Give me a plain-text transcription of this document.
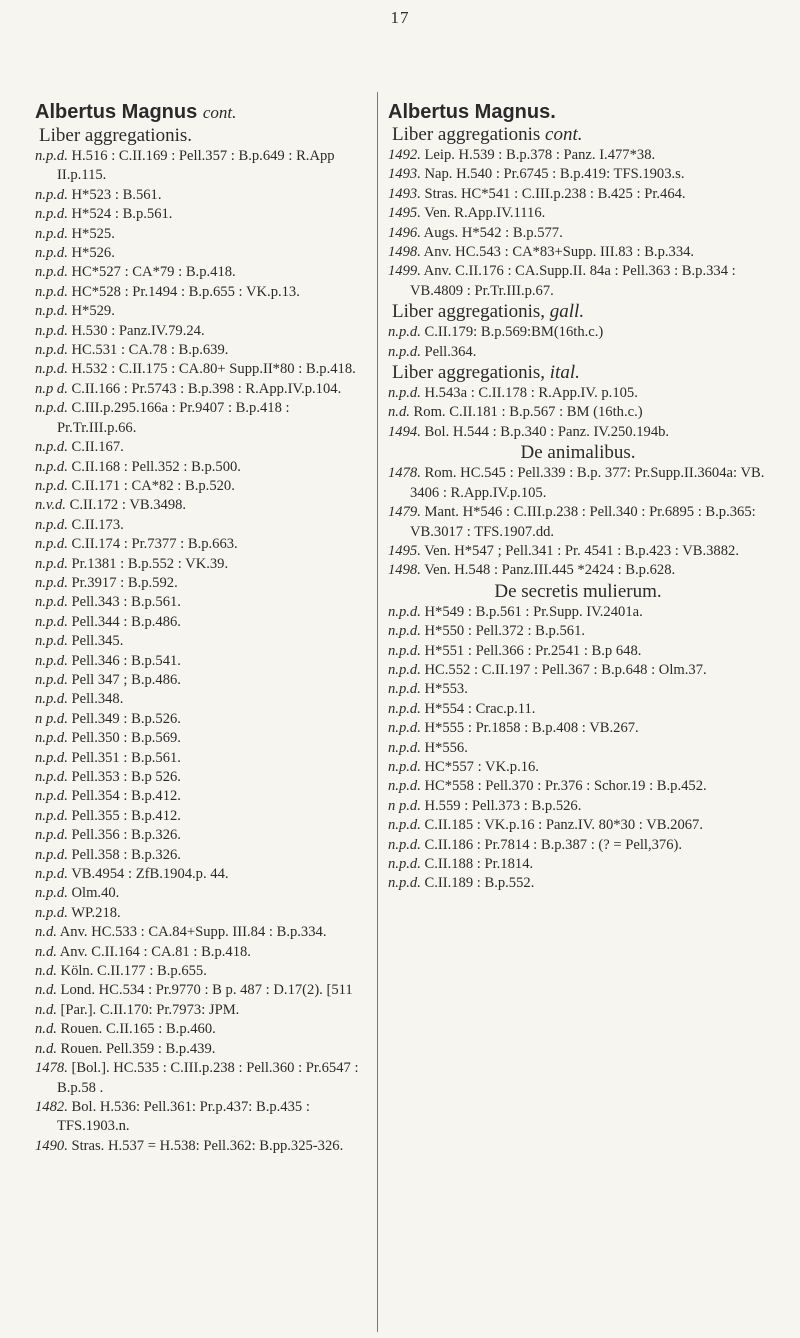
17
Albertus Magnus cont.
Liber aggregationis.
n.p.d. H.516 : C.II.169 : Pell.357 : B.p.649 : R.App II.p.115.
n.p.d. H*523 : B.561.
n.p.d. H*524 : B.p.561.
n.p.d. H*525.
n.p.d. H*526.
n.p.d. HC*527 : CA*79 : B.p.418.
n.p.d. HC*528 : Pr.1494 : B.p.655 : VK.p.13.
n.p.d. H*529.
n.p.d. H.530 : Panz.IV.79.24.
n.p.d. HC.531 : CA.78 : B.p.639.
n.p.d. H.532 : C.II.175 : CA.80+ Supp.II*80 : B.p.418.
n.p d. C.II.166 : Pr.5743 : B.p.398 : R.App.IV.p.104.
n.p.d. C.III.p.295.166a : Pr.9407 : B.p.418 : Pr.Tr.III.p.66.
n.p.d. C.II.167.
n.p.d. C.II.168 : Pell.352 : B.p.500.
n.p.d. C.II.171 : CA*82 : B.p.520.
n.v.d. C.II.172 : VB.3498.
n.p.d. C.II.173.
n.p.d. C.II.174 : Pr.7377 : B.p.663.
n.p.d. Pr.1381 : B.p.552 : VK.39.
n.p.d. Pr.3917 : B.p.592.
n.p.d. Pell.343 : B.p.561.
n.p.d. Pell.344 : B.p.486.
n.p.d. Pell.345.
n.p.d. Pell.346 : B.p.541.
n.p.d. Pell 347 ; B.p.486.
n.p.d. Pell.348.
n p.d. Pell.349 : B.p.526.
n.p.d. Pell.350 : B.p.569.
n.p.d. Pell.351 : B.p.561.
n.p.d. Pell.353 : B.p 526.
n.p.d. Pell.354 : B.p.412.
n.p.d. Pell.355 : B.p.412.
n.p.d. Pell.356 : B.p.326.
n.p.d. Pell.358 : B.p.326.
n.p.d. VB.4954 : ZfB.1904.p. 44.
n.p.d. Olm.40.
n.p.d. WP.218.
n.d. Anv. HC.533 : CA.84+Supp. III.84 : B.p.334.
n.d. Anv. C.II.164 : CA.81 : B.p.418.
n.d. Köln. C.II.177 : B.p.655.
n.d. Lond. HC.534 : Pr.9770 : B p. 487 : D.17(2). [511
n.d. [Par.]. C.II.170: Pr.7973: JPM.
n.d. Rouen. C.II.165 : B.p.460.
n.d. Rouen. Pell.359 : B.p.439.
1478. [Bol.]. HC.535 : C.III.p.238 : Pell.360 : Pr.6547 : B.p.58 .
1482. Bol. H.536: Pell.361: Pr.p.437: B.p.435 : TFS.1903.n.
1490. Stras. H.537 = H.538: Pell.362: B.pp.325-326.
Albertus Magnus.
Liber aggregationis cont.
1492. Leip. H.539 : B.p.378 : Panz. I.477*38.
1493. Nap. H.540 : Pr.6745 : B.p.419: TFS.1903.s.
1493. Stras. HC*541 : C.III.p.238 : B.425 : Pr.464.
1495. Ven. R.App.IV.1116.
1496. Augs. H*542 : B.p.577.
1498. Anv. HC.543 : CA*83+Supp. III.83 : B.p.334.
1499. Anv. C.II.176 : CA.Supp.II. 84a : Pell.363 : B.p.334 : VB.4809 : Pr.Tr.III.p.67.
Liber aggregationis, gall.
n.p.d. C.II.179: B.p.569:BM(16th.c.)
n.p.d. Pell.364.
Liber aggregationis, ital.
n.p.d. H.543a : C.II.178 : R.App.IV. p.105.
n.d. Rom. C.II.181 : B.p.567 : BM (16th.c.)
1494. Bol. H.544 : B.p.340 : Panz. IV.250.194b.
De animalibus.
1478. Rom. HC.545 : Pell.339 : B.p. 377: Pr.Supp.II.3604a: VB. 3406 : R.App.IV.p.105.
1479. Mant. H*546 : C.III.p.238 : Pell.340 : Pr.6895 : B.p.365: VB.3017 : TFS.1907.dd.
1495. Ven. H*547 ; Pell.341 : Pr. 4541 : B.p.423 : VB.3882.
1498. Ven. H.548 : Panz.III.445 *2424 : B.p.628.
De secretis mulierum.
n.p.d. H*549 : B.p.561 : Pr.Supp. IV.2401a.
n.p.d. H*550 : Pell.372 : B.p.561.
n.p.d. H*551 : Pell.366 : Pr.2541 : B.p 648.
n.p.d. HC.552 : C.II.197 : Pell.367 : B.p.648 : Olm.37.
n.p.d. H*553.
n.p.d. H*554 : Crac.p.11.
n.p.d. H*555 : Pr.1858 : B.p.408 : VB.267.
n.p.d. H*556.
n.p.d. HC*557 : VK.p.16.
n.p.d. HC*558 : Pell.370 : Pr.376 : Schor.19 : B.p.452.
n p.d. H.559 : Pell.373 : B.p.526.
n.p.d. C.II.185 : VK.p.16 : Panz.IV. 80*30 : VB.2067.
n.p.d. C.II.186 : Pr.7814 : B.p.387 : (? = Pell,376).
n.p.d. C.II.188 : Pr.1814.
n.p.d. C.II.189 : B.p.552.
